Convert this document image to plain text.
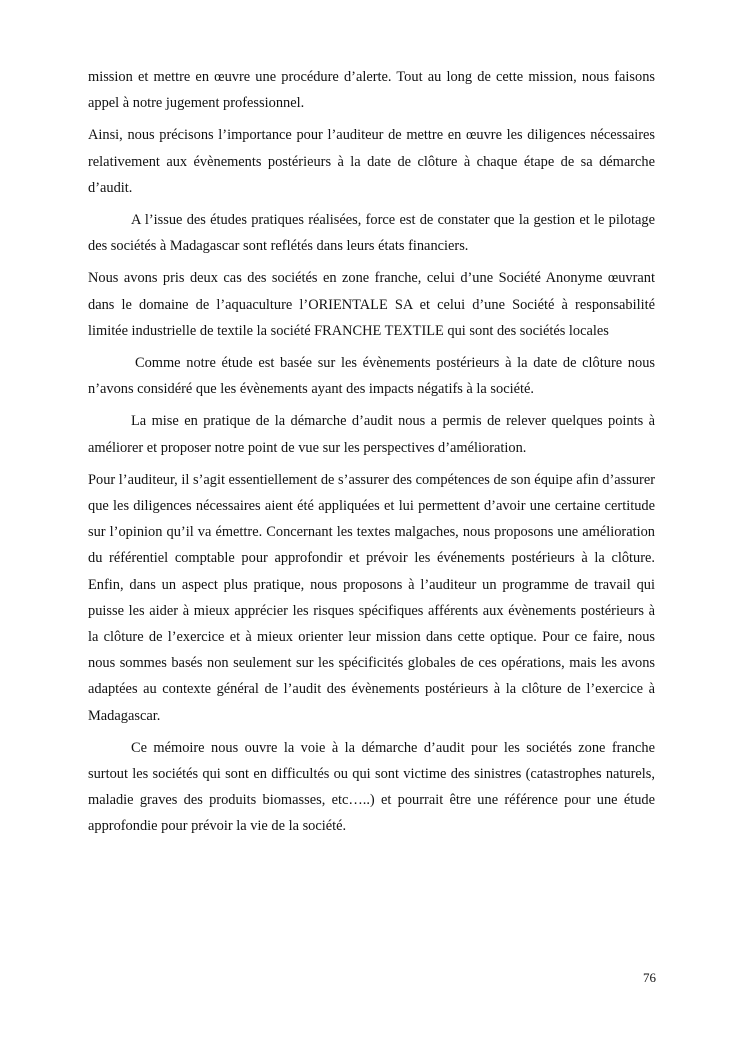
mission et mettre en œuvre une procédure d’alerte. Tout au long de cette mission, nous faisons appel à notre jugement professionnel.

Ainsi, nous précisons l’importance pour l’auditeur de mettre en œuvre les diligences nécessaires relativement aux évènements postérieurs à la date de clôture à chaque étape de sa démarche d’audit.

A l’issue des études pratiques réalisées, force est de constater que la gestion et le pilotage des sociétés à Madagascar sont reflétés dans leurs états financiers.

Nous avons pris deux cas des sociétés en zone franche, celui d’une Société Anonyme œuvrant dans le domaine de l’aquaculture l’ORIENTALE SA et celui d’une Société à responsabilité limitée industrielle de textile la société FRANCHE TEXTILE qui sont des sociétés locales

Comme notre étude est basée sur les évènements postérieurs à la date de clôture nous n’avons considéré que les évènements ayant des impacts négatifs à la société.

La mise en pratique de la démarche d’audit nous a permis de relever quelques points à améliorer et proposer notre point de vue sur les perspectives d’amélioration.

Pour l’auditeur, il s’agit essentiellement de s’assurer des compétences de son équipe afin d’assurer que les diligences nécessaires aient été appliquées et lui permettent d’avoir une certaine certitude sur l’opinion qu’il va émettre. Concernant les textes malgaches, nous proposons une amélioration du référentiel comptable pour approfondir et prévoir les événements postérieurs à la clôture. Enfin, dans un aspect plus pratique, nous proposons à l’auditeur un programme de travail qui puisse les aider à mieux apprécier les risques spécifiques afférents aux évènements postérieurs à la clôture de l’exercice et à mieux orienter leur mission dans cette optique. Pour ce faire, nous nous sommes basés non seulement sur les spécificités globales de ces opérations, mais les avons adaptées au contexte général de l’audit des évènements postérieurs à la clôture de l’exercice à Madagascar.

Ce mémoire nous ouvre la voie à la démarche d’audit pour les sociétés zone franche surtout les sociétés qui sont en difficultés ou qui sont victime des sinistres (catastrophes naturels, maladie graves des produits biomasses, etc…..) et pourrait être une référence pour une étude approfondie pour prévoir la vie de la société.

76
